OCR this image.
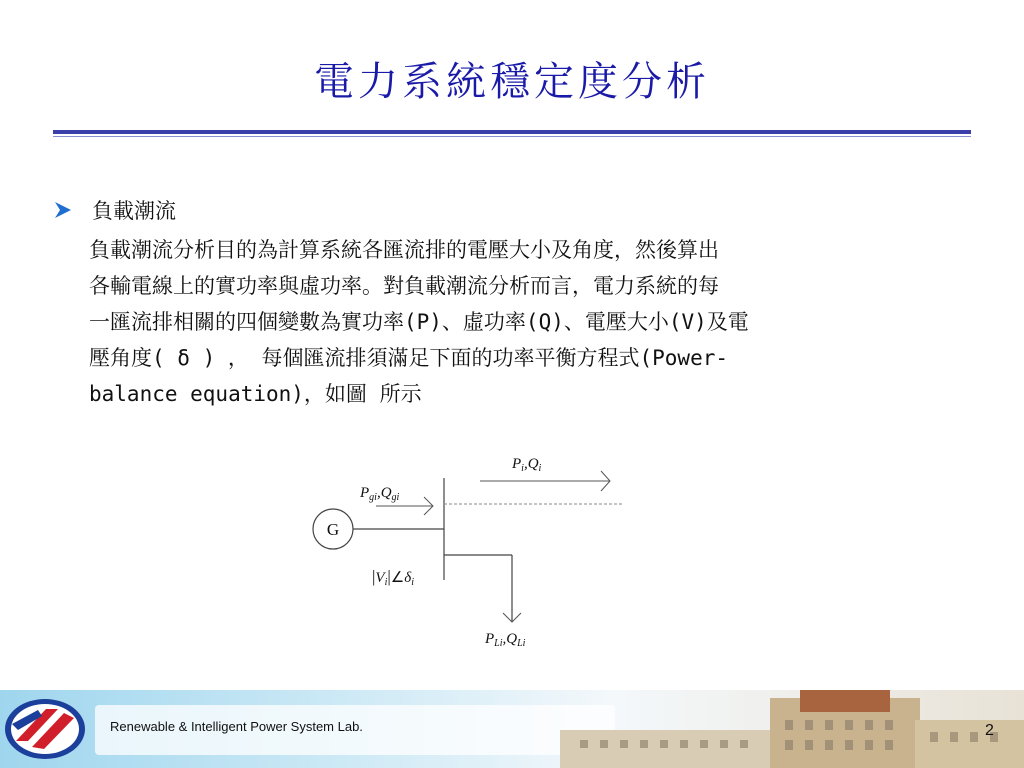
電力系統穩定度分析
負載潮流

負載潮流分析目的為計算系統各匯流排的電壓大小及角度，然後算出
各輸電線上的實功率與虛功率。對負載潮流分析而言，電力系統的每
一匯流排相關的四個變數為實功率(P)、虛功率(Q)、電壓大小(V)及電
壓角度( δ ) ， 每個匯流排須滿足下面的功率平衡方程式(Power-
balance equation)，如圖 所示

G
Pgi,Qgi
Pi,Qi
PLi,QLi
|Vi|∠δi
Renewable & Intelligent Power System Lab.	2
